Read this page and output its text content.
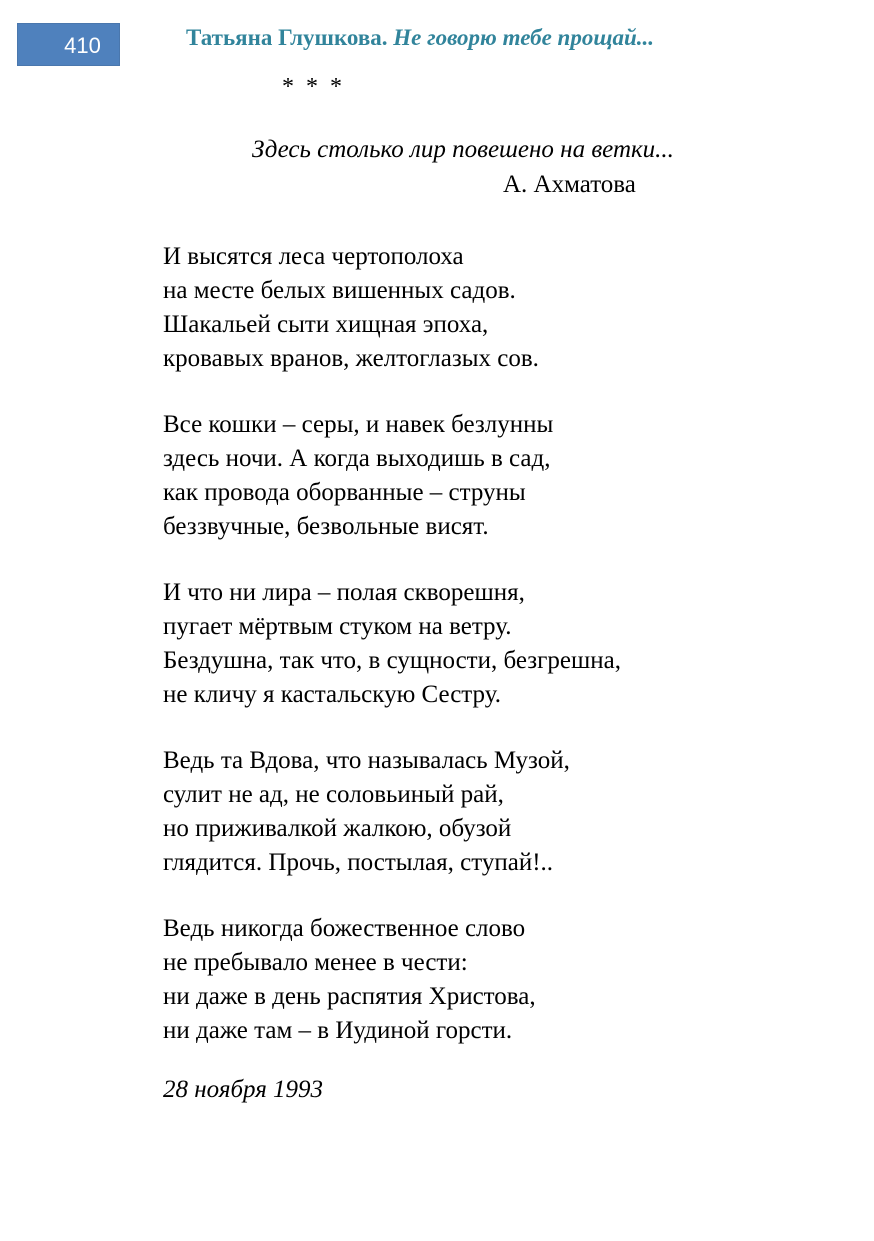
410	Татьяна Глушкова. Не говорю тебе прощай...
* * *
Здесь столько лир повешено на ветки...
А. Ахматова
И высятся леса чертополоха
на месте белых вишенных садов.
Шакальей сыти хищная эпоха,
кровавых вранов, желтоглазых сов.
Все кошки – серы, и навек безлунны
здесь ночи. А когда выходишь в сад,
как провода оборванные – струны
беззвучные, безвольные висят.
И что ни лира – полая скворешня,
пугает мёртвым стуком на ветру.
Бездушна, так что, в сущности, безгрешна,
не кличу я кастальскую Сестру.
Ведь та Вдова, что называлась Музой,
сулит не ад, не соловьиный рай,
но приживалкой жалкою, обузой
глядится. Прочь, постылая, ступай!..
Ведь никогда божественное слово
не пребывало менее в чести:
ни даже в день распятия Христова,
ни даже там – в Иудиной горсти.
28 ноября 1993
